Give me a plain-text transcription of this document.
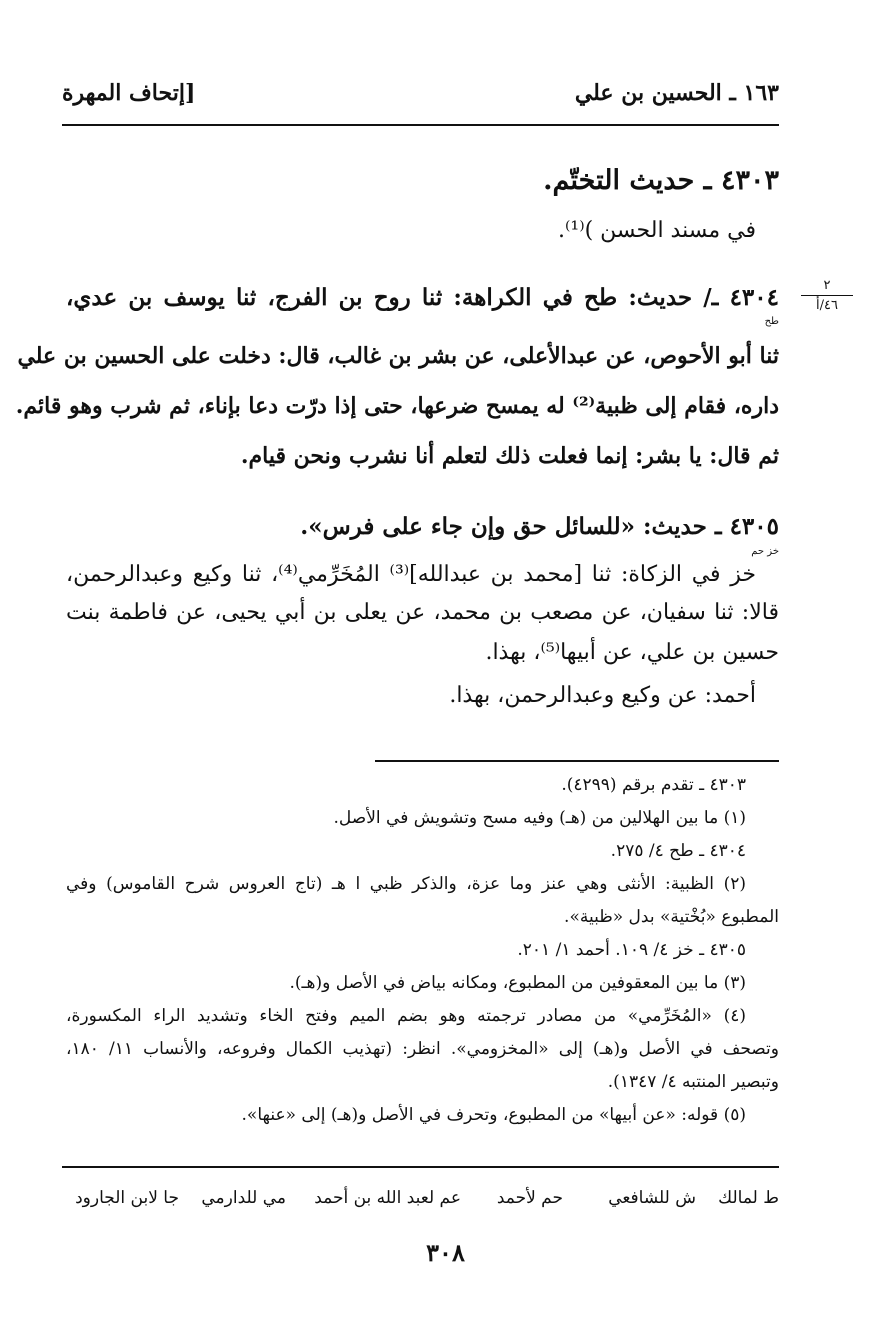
١٦٣ ـ الحسين بن علي
[إتحاف المهرة
٢
٤٦/أ
٤٣٠٣ ـ حديث التختّم.
في مسند الحسن )⁽¹⁾.
٤٣٠٤ ـ/ حديث: طح في الكراهة: ثنا روح بن الفرج، ثنا يوسف بن عدي،
طح
ثنا أبو الأحوص، عن عبدالأعلى، عن بشر بن غالب، قال: دخلت على الحسين بن علي
داره، فقام إلى ظبية⁽²⁾ له يمسح ضرعها، حتى إذا درّت دعا بإناء، ثم شرب وهو قائم.
ثم قال: يا بشر: إنما فعلت ذلك لتعلم أنا نشرب ونحن قيام.
٤٣٠٥ ـ حديث: «للسائل حق وإن جاء على فرس».
خز حم
خز في الزكاة: ثنا [محمد بن عبدالله]⁽³⁾ المُخَرِّمي⁽⁴⁾، ثنا وكيع وعبدالرحمن،
قالا: ثنا سفيان، عن مصعب بن محمد، عن يعلى بن أبي يحيى، عن فاطمة بنت
حسين بن علي، عن أبيها⁽⁵⁾، بهذا.
أحمد: عن وكيع وعبدالرحمن، بهذا.
٤٣٠٣ ـ تقدم برقم (٤٢٩٩).
(١) ما بين الهلالين من (هـ) وفيه مسح وتشويش في الأصل.
٤٣٠٤ ـ طح ٤/ ٢٧٥.
(٢) الظبية: الأنثى وهي عنز وما عزة، والذكر ظبي ا هـ (تاج العروس شرح القاموس) وفي
المطبوع «بُخْتية» بدل «ظبية».
٤٣٠٥ ـ خز ٤/ ١٠٩. أحمد ١/ ٢٠١.
(٣) ما بين المعقوفين من المطبوع، ومكانه بياض في الأصل و(هـ).
(٤) «المُخَرِّمي» من مصادر ترجمته وهو بضم الميم وفتح الخاء وتشديد الراء المكسورة،
وتصحف في الأصل و(هـ) إلى «المخزومي». انظر: (تهذيب الكمال وفروعه، والأنساب ١١/ ١٨٠،
وتبصير المنتبه ٤/ ١٣٤٧).
(٥) قوله: «عن أبيها» من المطبوع، وتحرف في الأصل و(هـ) إلى «عنها».
ط لمالك
ش للشافعي
حم لأحمد
عم لعبد الله بن أحمد
مي للدارمي
جا لابن الجارود
٣٠٨
